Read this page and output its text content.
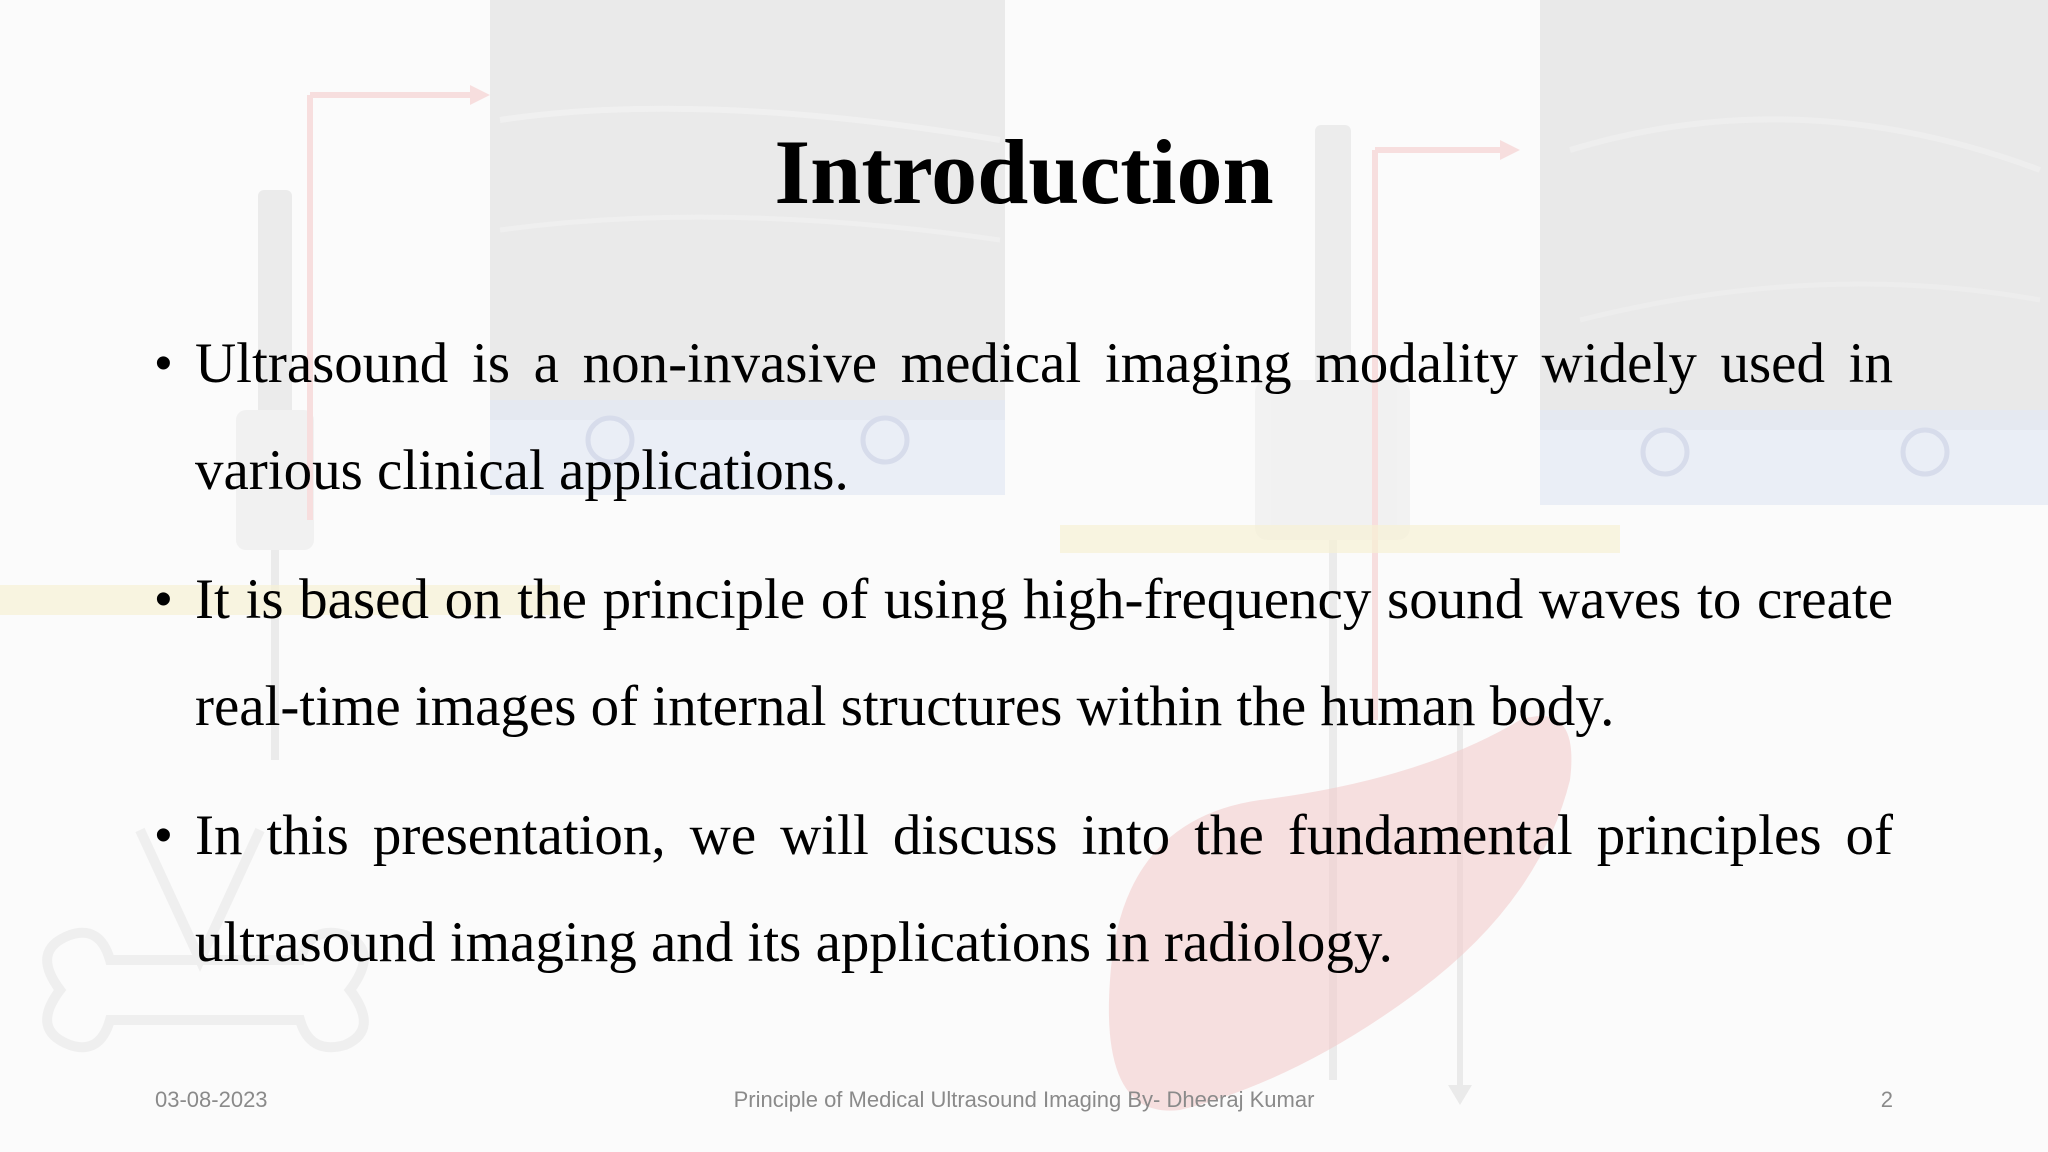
Introduction
• Ultrasound is a non-invasive medical imaging modality widely used in various clinical applications.
• It is based on the principle of using high-frequency sound waves to create real-time images of internal structures within the human body.
• In this presentation, we will discuss into the fundamental principles of ultrasound imaging and its applications in radiology.
03-08-2023	Principle of Medical Ultrasound Imaging By- Dheeraj Kumar	2
